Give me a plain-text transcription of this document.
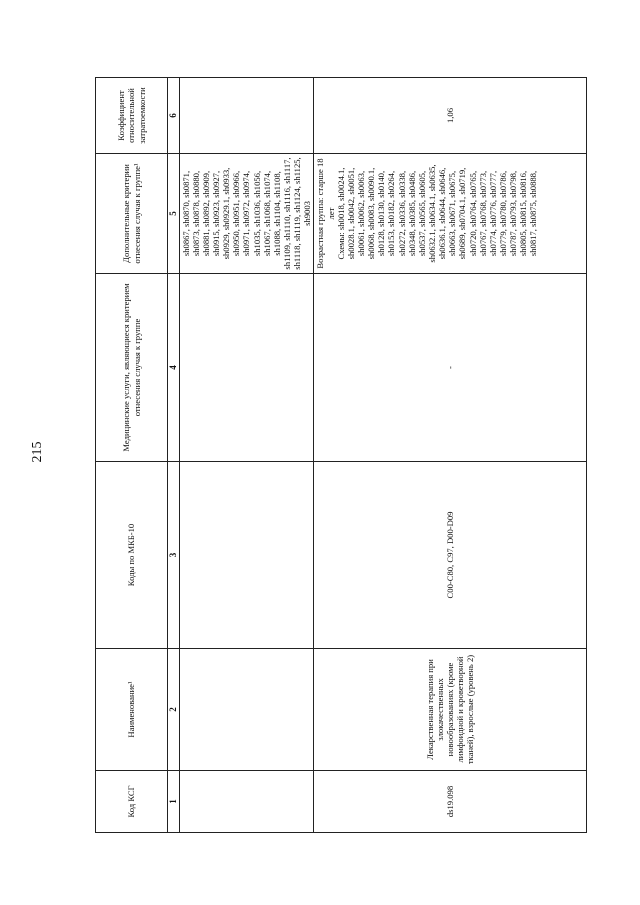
215
Код КСГ	Наименование¹	Коды по МКБ-10	Медицинские услуги, являющиеся критерием отнесения случая к группе	Дополнительные критерии отнесения случая к группе¹	Коэффициент относительной затратоемкости
1	2	3	4	5	6
				sh0867, sh0870, sh0871, sh0873, sh0878, sh0880, sh0881, sh0892, sh0909, sh0915, sh0923, sh0927, sh0929, sh0929.1, sh0933, sh0950, sh0951, sh0966, sh0971, sh0972, sh0974, sh1035, sh1036, sh1056, sh1067, sh1068, sh1074, sh1088, sh1104, sh1108, sh1109, sh1110, sh1116, sh1117, sh1118, sh1119, sh1124, sh1125, sh9003	
ds19.098	Лекарственная терапия при злокачественных новообразованиях (кроме лимфоидной и кроветворной тканей), взрослые (уровень 2)	C00-C80, C97, D00-D09	-	Возрастная группа: старше 18 лет Схемы: sh0018, sh0024.1, sh0028.1, sh0042, sh0051, sh0061, sh0062, sh0063, sh0068, sh0083, sh0090.1, sh0128, sh0130, sh0140, sh0153, sh0182, sh0264, sh0272, sh0336, sh0338, sh0348, sh0385, sh0486, sh0537, sh0565, sh0605, sh0632.1, sh0634.1, sh0635, sh0636.1, sh0644, sh0646, sh0663, sh0671, sh0675, sh0689, sh0704.1, sh0719, sh0720, sh0764, sh0765, sh0767, sh0768, sh0773, sh0774, sh0776, sh0777, sh0779, sh0780, sh0786, sh0787, sh0793, sh0798, sh0805, sh0815, sh0816, sh0817, sh0875, sh0888,	1,06
